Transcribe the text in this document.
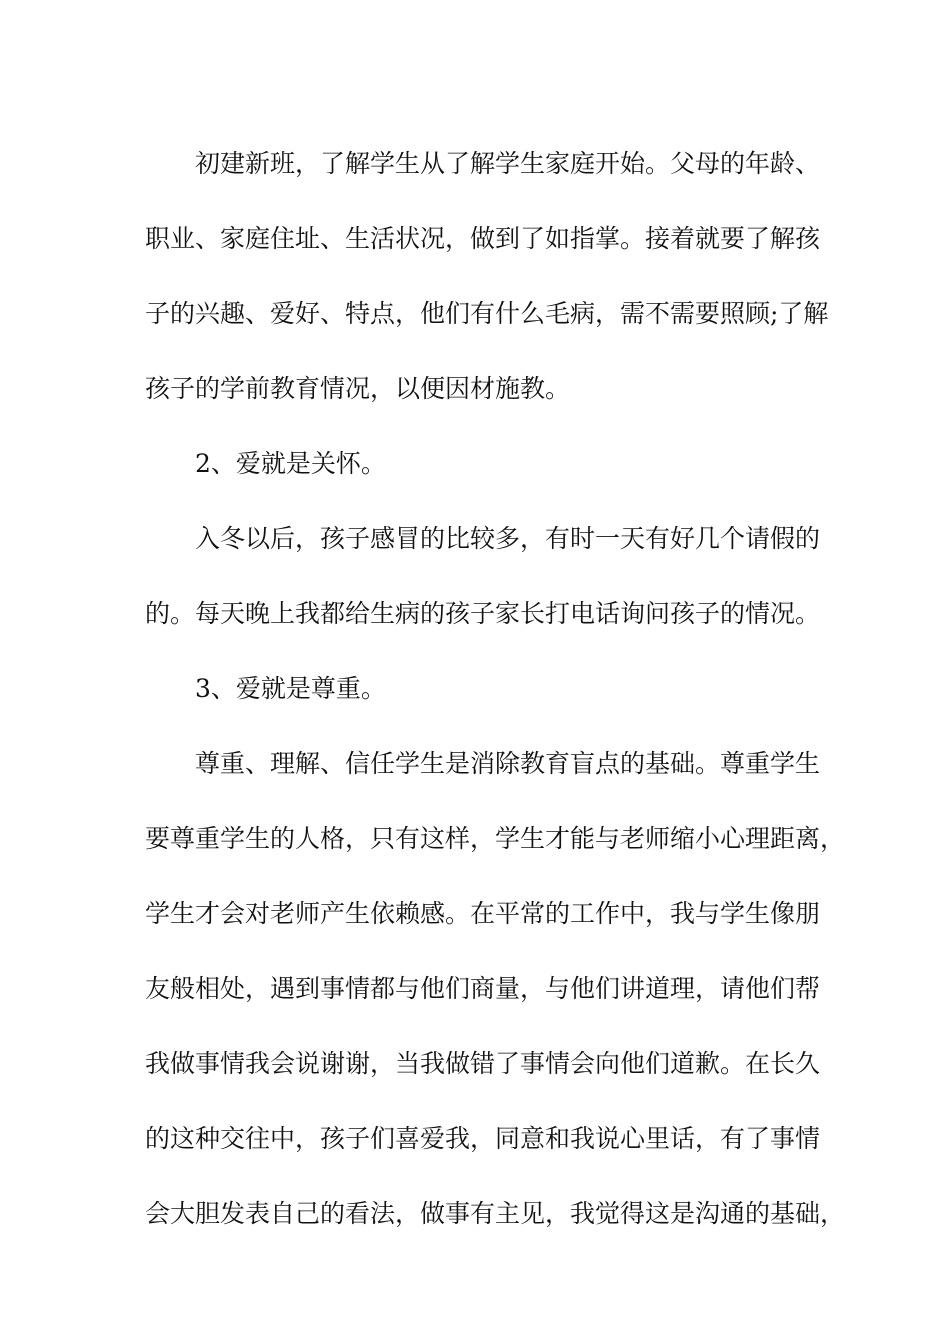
初建新班，了解学生从了解学生家庭开始。父母的年龄、
职业、家庭住址、生活状况，做到了如指掌。接着就要了解孩
子的兴趣、爱好、特点，他们有什么毛病，需不需要照顾;了解
孩子的学前教育情况，以便因材施教。
2、爱就是关怀。
入冬以后，孩子感冒的比较多，有时一天有好几个请假的
的。每天晚上我都给生病的孩子家长打电话询问孩子的情况。
3、爱就是尊重。
尊重、理解、信任学生是消除教育盲点的基础。尊重学生
要尊重学生的人格，只有这样，学生才能与老师缩小心理距离，
学生才会对老师产生依赖感。在平常的工作中，我与学生像朋
友般相处，遇到事情都与他们商量，与他们讲道理，请他们帮
我做事情我会说谢谢，当我做错了事情会向他们道歉。在长久
的这种交往中，孩子们喜爱我，同意和我说心里话，有了事情
会大胆发表自己的看法，做事有主见，我觉得这是沟通的基础，
